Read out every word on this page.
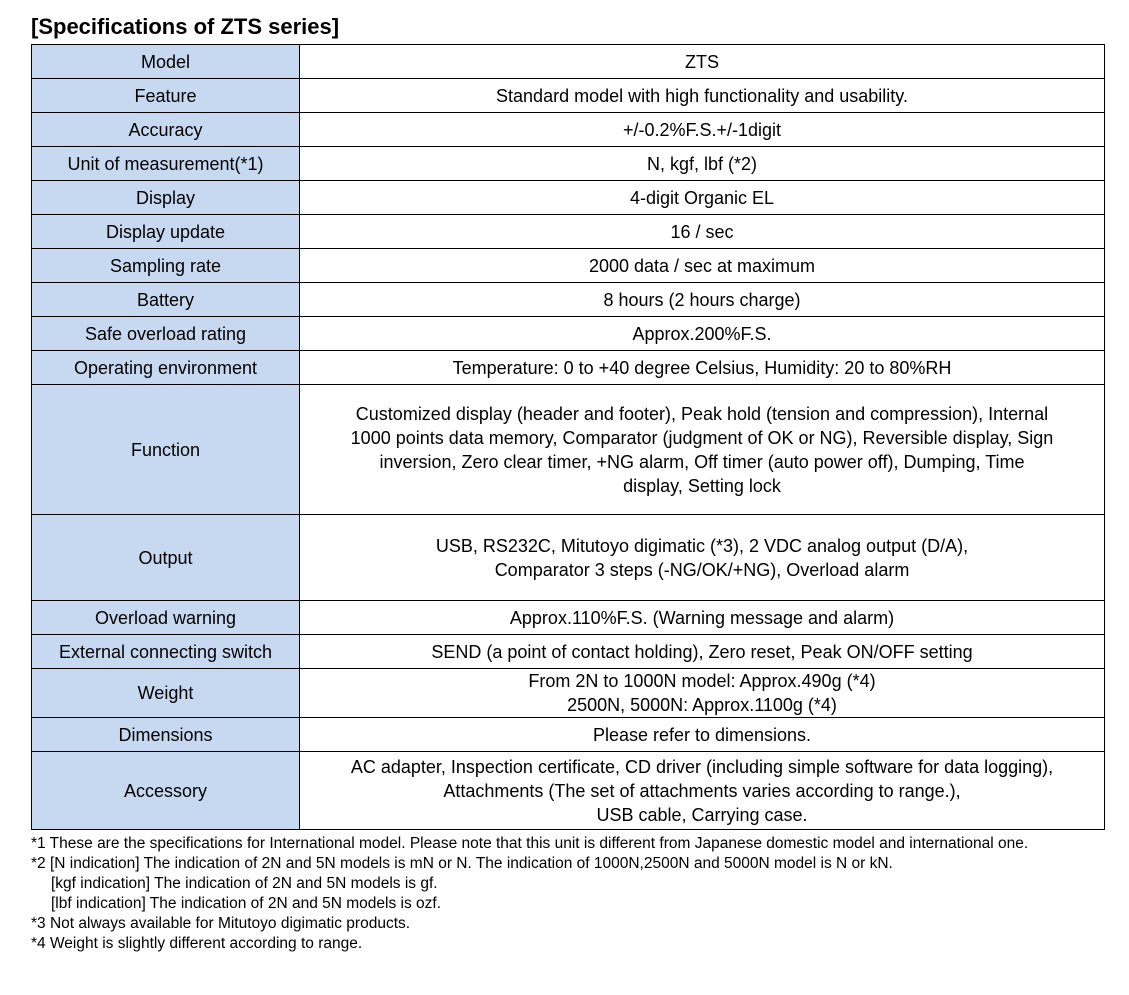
[Specifications of ZTS series]
Model	ZTS

Feature	Standard model with high functionality and usability.

Accuracy	+/-0.2%F.S.+/-1digit

Unit of measurement(*1)	N, kgf, lbf (*2)

Display	4-digit Organic EL

Display update	16 / sec

Sampling rate	2000 data / sec at maximum

Battery	8 hours (2 hours charge)

Safe overload rating	Approx.200%F.S.

Operating environment	Temperature: 0 to +40 degree Celsius, Humidity: 20 to 80%RH

Function	Customized display (header and footer), Peak hold (tension and compression), Internal
1000 points data memory, Comparator (judgment of OK or NG), Reversible display, Sign
inversion, Zero clear timer, +NG alarm, Off timer (auto power off), Dumping, Time
display, Setting lock

Output	USB, RS232C, Mitutoyo digimatic (*3), 2 VDC analog output (D/A),
Comparator 3 steps (-NG/OK/+NG), Overload alarm

Overload warning	Approx.110%F.S. (Warning message and alarm)

External connecting switch	SEND (a point of contact holding), Zero reset, Peak ON/OFF setting

Weight	From 2N to 1000N model: Approx.490g (*4)
2500N, 5000N: Approx.1100g (*4)

Dimensions	Please refer to dimensions.

Accessory	AC adapter, Inspection certificate, CD driver (including simple software for data logging),
Attachments (The set of attachments varies according to range.),
USB cable, Carrying case.
*1 These are the specifications for International model. Please note that this unit is different from Japanese domestic model and international one.
*2 [N indication] The indication of 2N and 5N models is mN or N. The indication of 1000N,2500N and 5000N model is N or kN.
[kgf indication] The indication of 2N and 5N models is gf.
[lbf indication] The indication of 2N and 5N models is ozf.
*3 Not always available for Mitutoyo digimatic products.
*4 Weight is slightly different according to range.
